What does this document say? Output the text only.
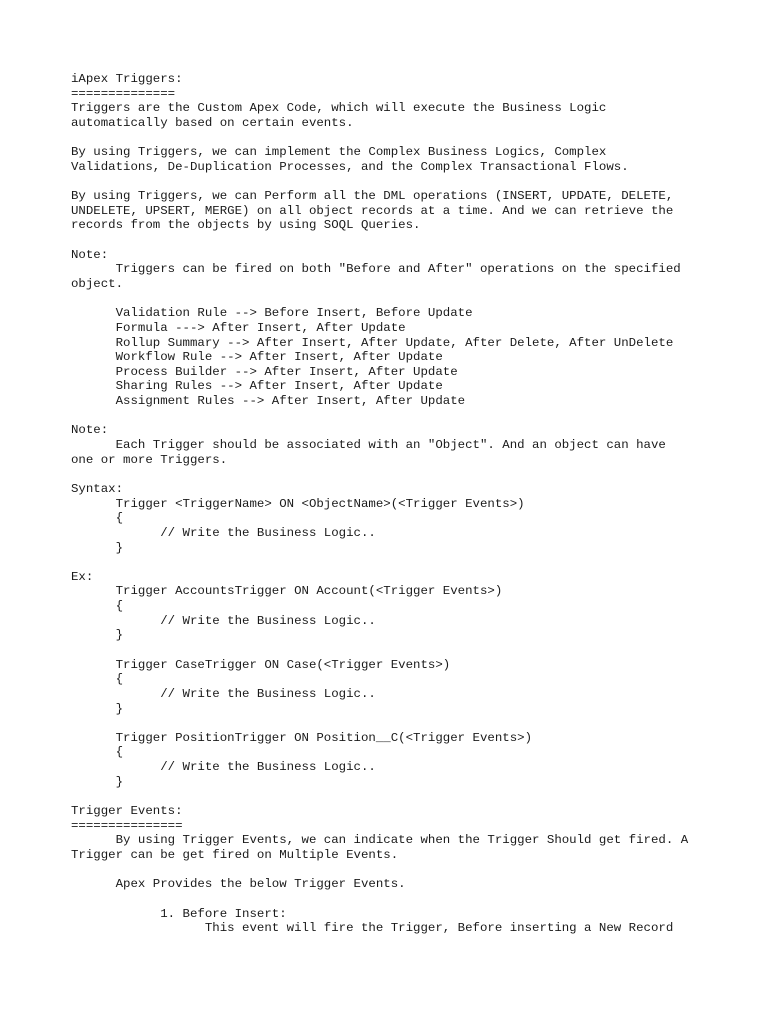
iApex Triggers:
==============
Triggers are the Custom Apex Code, which will execute the Business Logic
automatically based on certain events.
By using Triggers, we can implement the Complex Business Logics, Complex
Validations, De-Duplication Processes, and the Complex Transactional Flows.
By using Triggers, we can Perform all the DML operations (INSERT, UPDATE, DELETE,
UNDELETE, UPSERT, MERGE) on all object records at a time. And we can retrieve the
records from the objects by using SOQL Queries.
Note:
Triggers can be fired on both "Before and After" operations on the specified
object.
Validation Rule --> Before Insert, Before Update
Formula ---> After Insert, After Update
Rollup Summary --> After Insert, After Update, After Delete, After UnDelete
Workflow Rule --> After Insert, After Update
Process Builder --> After Insert, After Update
Sharing Rules --> After Insert, After Update
Assignment Rules --> After Insert, After Update
Note:
Each Trigger should be associated with an "Object". And an object can have
one or more Triggers.
Syntax:
Trigger <TriggerName> ON <ObjectName>(<Trigger Events>)
{
// Write the Business Logic..
}
Ex:
Trigger AccountsTrigger ON Account(<Trigger Events>)
{
// Write the Business Logic..
}
Trigger CaseTrigger ON Case(<Trigger Events>)
{
// Write the Business Logic..
}
Trigger PositionTrigger ON Position__C(<Trigger Events>)
{
// Write the Business Logic..
}
Trigger Events:
===============
By using Trigger Events, we can indicate when the Trigger Should get fired. A
Trigger can be get fired on Multiple Events.
Apex Provides the below Trigger Events.
1. Before Insert:
This event will fire the Trigger, Before inserting a New Record
